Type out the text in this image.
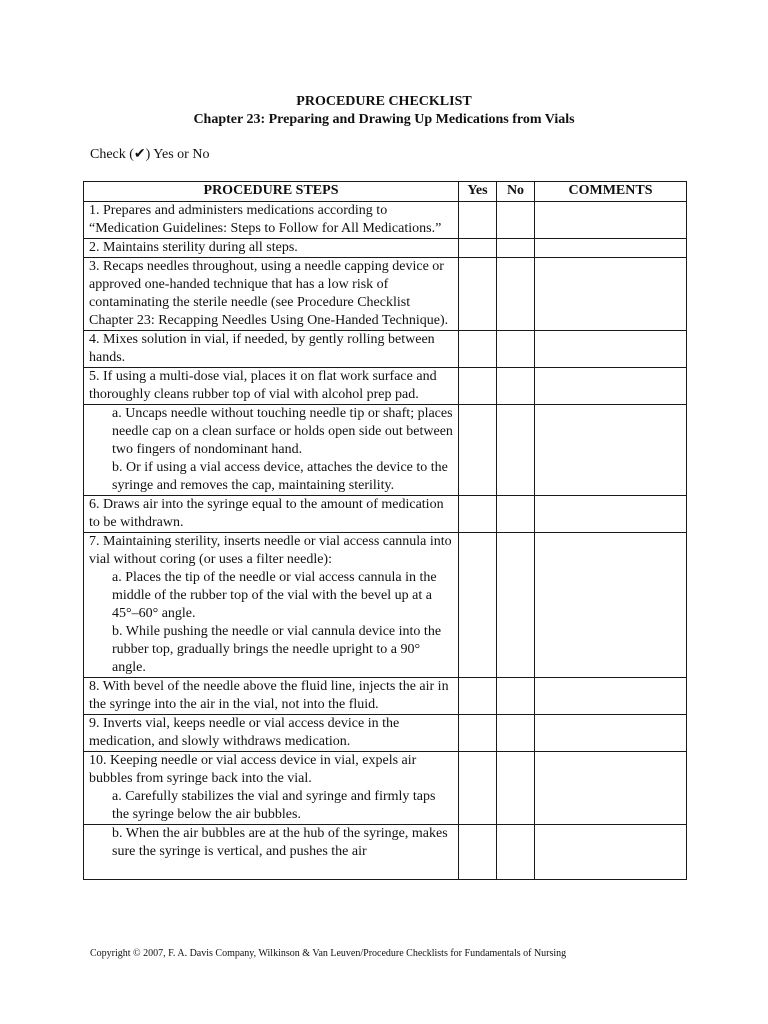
PROCEDURE CHECKLIST
Chapter 23: Preparing and Drawing Up Medications from Vials
Check (✔) Yes or No
PROCEDURE STEPS	Yes	No	COMMENTS

1. Prepares and administers medications according to “Medication Guidelines: Steps to Follow for All Medications.”			

2. Maintains sterility during all steps.			

3. Recaps needles throughout, using a needle capping device or approved one-handed technique that has a low risk of contaminating the sterile needle (see Procedure Checklist Chapter 23: Recapping Needles Using One-Handed Technique).			

4. Mixes solution in vial, if needed, by gently rolling between hands.			

5. If using a multi-dose vial, places it on flat work surface and thoroughly cleans rubber top of vial with alcohol prep pad.			

a. Uncaps needle without touching needle tip or shaft; places needle cap on a clean surface or holds open side out between two fingers of nondominant hand.
b. Or if using a vial access device, attaches the device to the syringe and removes the cap, maintaining sterility.			

6. Draws air into the syringe equal to the amount of medication to be withdrawn.			

7. Maintaining sterility, inserts needle or vial access cannula into vial without coring (or uses a filter needle):
a. Places the tip of the needle or vial access cannula in the middle of the rubber top of the vial with the bevel up at a 45°–60° angle.
b. While pushing the needle or vial cannula device into the rubber top, gradually brings the needle upright to a 90° angle.			

8. With bevel of the needle above the fluid line, injects the air in the syringe into the air in the vial, not into the fluid.			

9. Inverts vial, keeps needle or vial access device in the medication, and slowly withdraws medication.			

10. Keeping needle or vial access device in vial, expels air bubbles from syringe back into the vial.
a. Carefully stabilizes the vial and syringe and firmly taps the syringe below the air bubbles.			

b. When the air bubbles are at the hub of the syringe, makes sure the syringe is vertical, and pushes the air			

Copyright © 2007, F. A. Davis Company, Wilkinson & Van Leuven/Procedure Checklists for Fundamentals of Nursing
